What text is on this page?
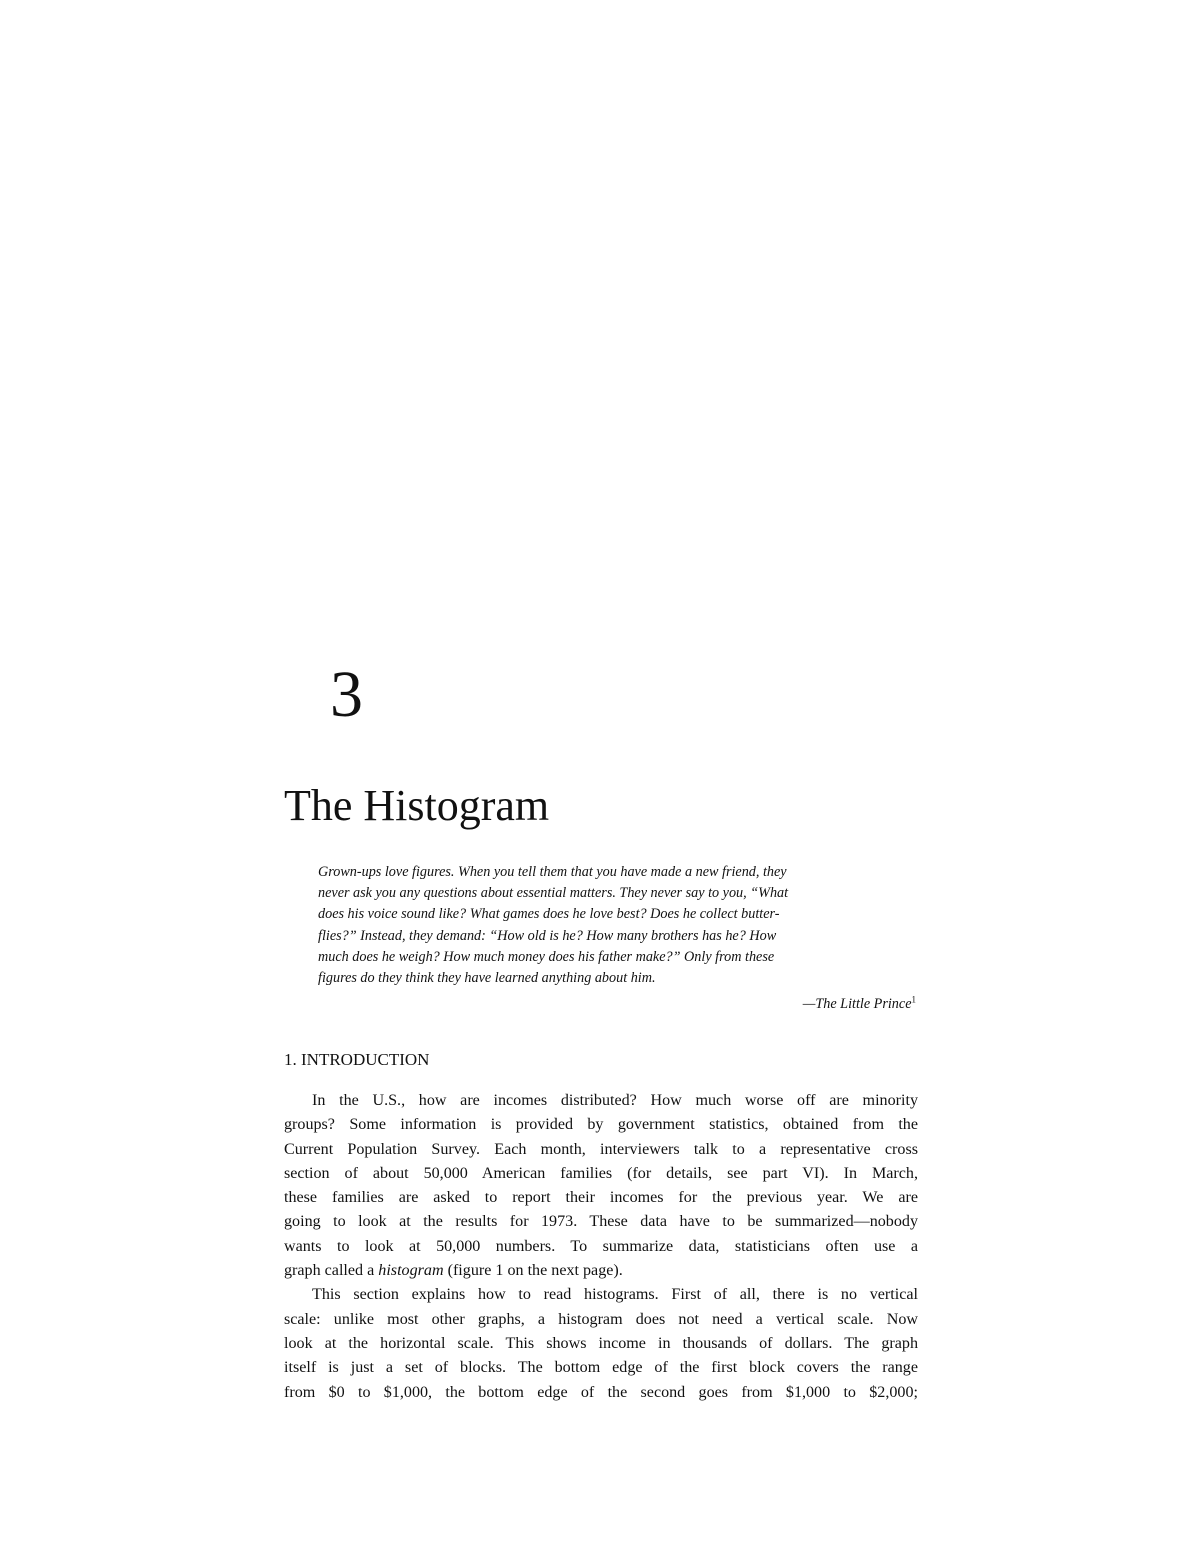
3
The Histogram
Grown-ups love figures. When you tell them that you have made a new friend, they
never ask you any questions about essential matters. They never say to you, “What
does his voice sound like? What games does he love best? Does he collect butter-
flies?” Instead, they demand: “How old is he? How many brothers has he? How
much does he weigh? How much money does his father make?” Only from these
figures do they think they have learned anything about him.
—The Little Prince$^1$
1. INTRODUCTION
In the U.S., how are incomes distributed? How much worse off are minority
groups? Some information is provided by government statistics, obtained from the
Current Population Survey. Each month, interviewers talk to a representative cross
section of about 50,000 American families (for details, see part VI). In March,
these families are asked to report their incomes for the previous year. We are
going to look at the results for 1973. These data have to be summarized—nobody
wants to look at 50,000 numbers. To summarize data, statisticians often use a
graph called a histogram (figure 1 on the next page).
This section explains how to read histograms. First of all, there is no vertical
scale: unlike most other graphs, a histogram does not need a vertical scale. Now
look at the horizontal scale. This shows income in thousands of dollars. The graph
itself is just a set of blocks. The bottom edge of the first block covers the range
from $0 to $1,000, the bottom edge of the second goes from $1,000 to $2,000;
